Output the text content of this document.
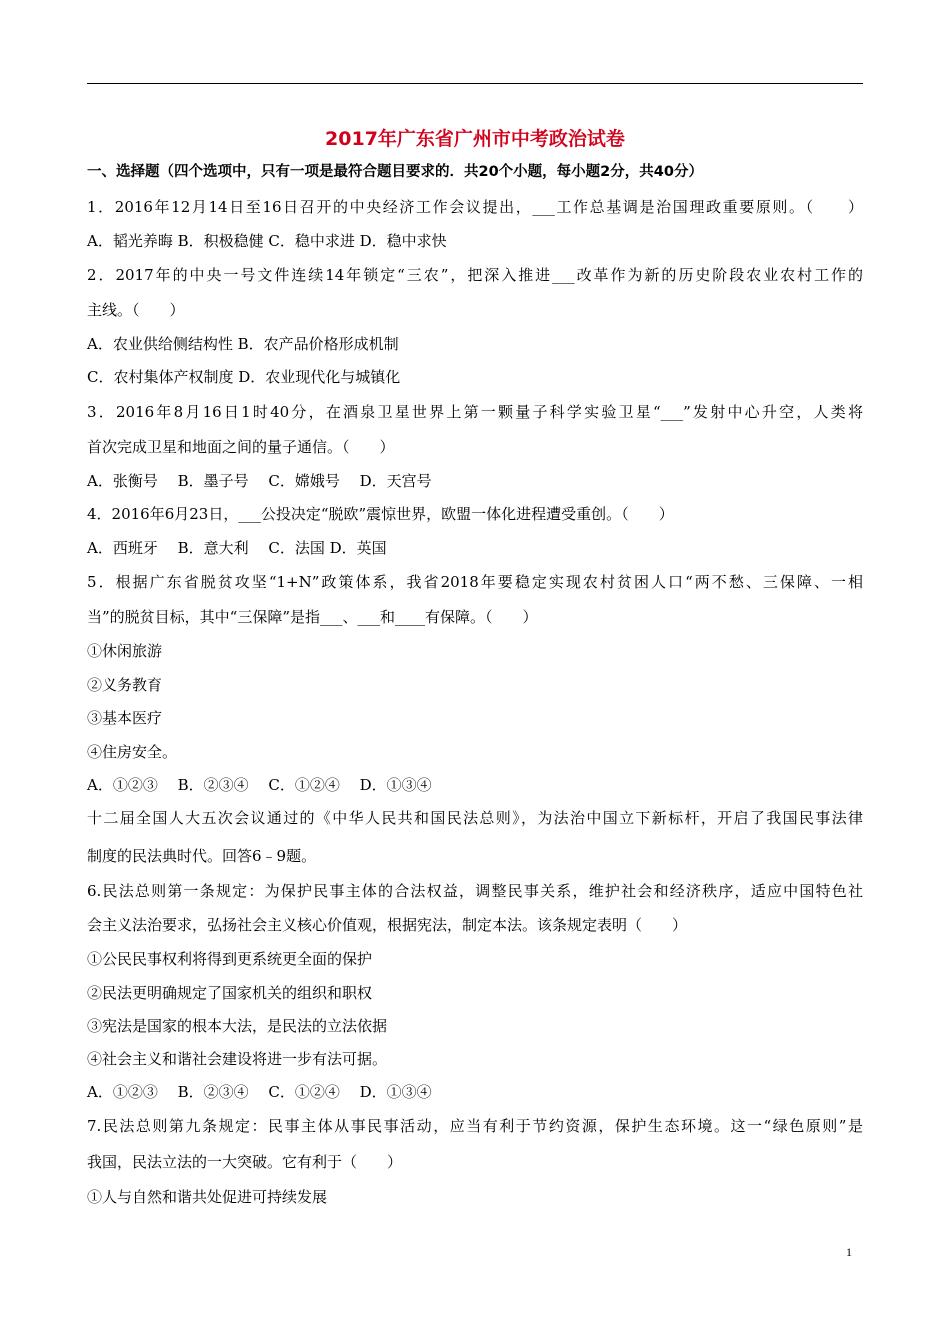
2017年广东省广州市中考政治试卷
一、选择题（四个选项中，只有一项是最符合题目要求的．共20个小题，每小题2分，共40分）
1．2016年12月14日至16日召开的中央经济工作会议提出，___工作总基调是治国理政重要原则。（　　）
A．韬光养晦 B．积极稳健 C．稳中求进 D．稳中求快
2．2017年的中央一号文件连续14年锁定“三农”，把深入推进___改革作为新的历史阶段农业农村工作的
主线。（　　）
A．农业供给侧结构性 B．农产品价格形成机制
C．农村集体产权制度 D．农业现代化与城镇化
3．2016年8月16日1时40分，在酒泉卫星世界上第一颗量子科学实验卫星“___”发射中心升空，人类将
首次完成卫星和地面之间的量子通信。（　　）
A．张衡号　 B．墨子号　 C．嫦娥号　 D．天宫号
4．2016年6月23日，___公投决定“脱欧”震惊世界，欧盟一体化进程遭受重创。（　　）
A．西班牙　 B．意大利　 C．法国 D．英国
5．根据广东省脱贫攻坚“1+N”政策体系，我省2018年要稳定实现农村贫困人口“两不愁、三保障、一相
当”的脱贫目标，其中“三保障”是指___、___和____有保障。（　　）
①休闲旅游
②义务教育
③基本医疗
④住房安全。
A．①②③　 B．②③④　 C．①②④　 D．①③④
十二届全国人大五次会议通过的《中华人民共和国民法总则》，为法治中国立下新标杆，开启了我国民事法律
制度的民法典时代。回答6﹣9题。
6.民法总则第一条规定：为保护民事主体的合法权益，调整民事关系，维护社会和经济秩序，适应中国特色社
会主义法治要求，弘扬社会主义核心价值观，根据宪法，制定本法。该条规定表明（　　）
①公民民事权利将得到更系统更全面的保护
②民法更明确规定了国家机关的组织和职权
③宪法是国家的根本大法，是民法的立法依据
④社会主义和谐社会建设将进一步有法可据。
A．①②③　 B．②③④　 C．①②④　 D．①③④
7.民法总则第九条规定：民事主体从事民事活动，应当有利于节约资源，保护生态环境。这一“绿色原则”是
我国，民法立法的一大突破。它有利于（　　）
①人与自然和谐共处促进可持续发展
1
